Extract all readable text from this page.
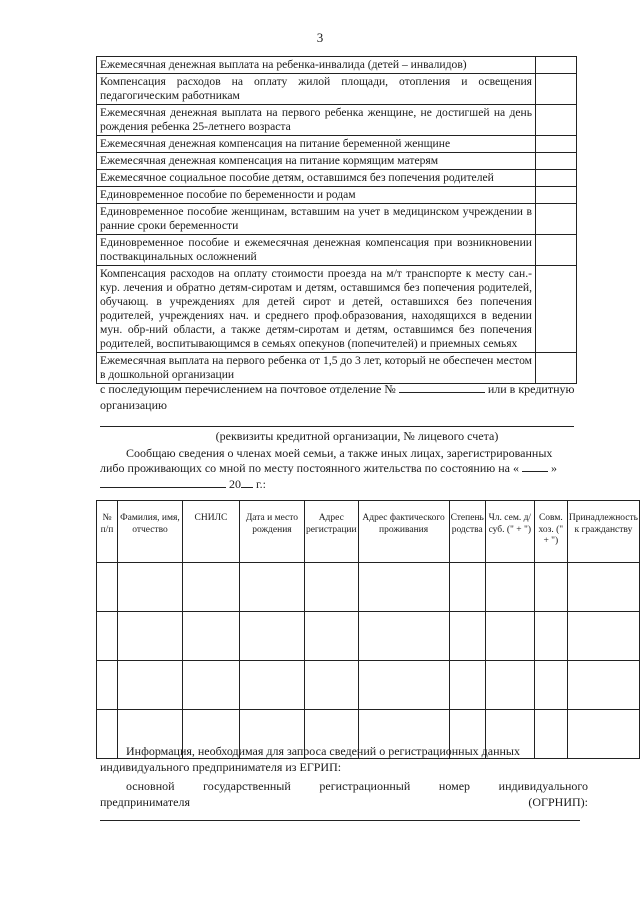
3
Ежемесячная денежная выплата на ребенка-инвалида (детей – инвалидов)	
Компенсация расходов на оплату жилой площади, отопления и освещения педагогическим работникам	
Ежемесячная денежная выплата на первого ребенка женщине, не достигшей на день рождения ребенка 25-летнего возраста	
Ежемесячная денежная компенсация на питание беременной женщине	
Ежемесячная денежная компенсация на питание кормящим матерям	
Ежемесячное социальное пособие детям, оставшимся без попечения родителей	
Единовременное пособие по беременности и родам	
Единовременное пособие женщинам, вставшим на учет в медицинском учреждении в ранние сроки беременности	
Единовременное пособие и ежемесячная денежная компенсация при возникновении поствакцинальных осложнений	
Компенсация расходов на оплату стоимости проезда на м/т транспорте к месту сан.-кур. лечения и обратно детям-сиротам и детям, оставшимся без попечения родителей, обучающ. в учреждениях для детей сирот и детей, оставшихся без попечения родителей, учреждениях нач. и среднего проф.образования, находящихся в ведении мун. обр-ний области, а также детям-сиротам и детям, оставшимся без попечения родителей, воспитывающимся в семьях опекунов (попечителей) и приемных семьях	
Ежемесячная выплата на первого ребенка от 1,5 до 3 лет, который не обеспечен местом в дошкольной организации	
с последующим перечислением на почтовое отделение №	или в кредитную
организацию
(реквизиты кредитной организации, № лицевого счета)
Сообщаю сведения о членах моей семьи, а также иных лицах, зарегистрированных
либо проживающих со мной по месту постоянного жительства по состоянию на «	»
20 г.:
№ п/п	Фамилия, имя, отчество	СНИЛС	Дата и место рождения	Адрес регистрации	Адрес фактического проживания	Степень родства	Чл. сем. д/суб. (" + ")	Совм. хоз. (" + ")	Принадлежность к гражданству

Информация, необходимая для запроса сведений о регистрационных данных
индивидуального предпринимателя из ЕГРИП:
основной государственный регистрационный номер индивидуального
предпринимателя	(ОГРНИП):
